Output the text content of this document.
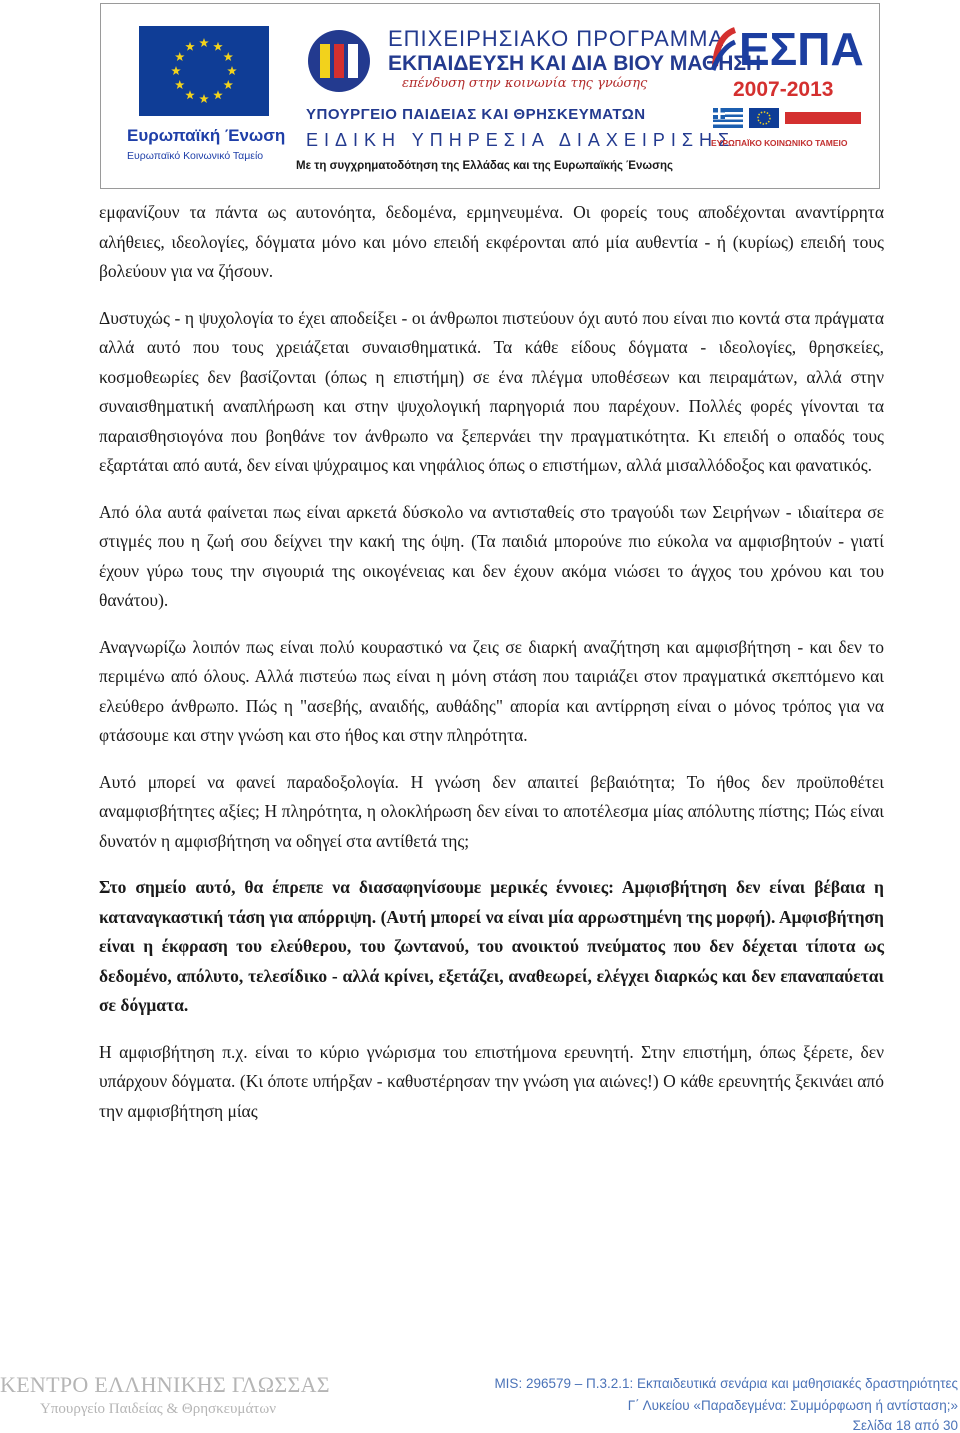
Ευρωπαϊκή Ένωση
Ευρωπαϊκό Κοινωνικό Ταμείο
ΕΠΙΧΕΙΡΗΣΙΑΚΟ ΠΡΟΓΡΑΜΜΑ
ΕΚΠΑΙΔΕΥΣΗ ΚΑΙ ΔΙΑ ΒΙΟΥ ΜΑΘΗΣΗ
επένδυση στην κοινωνία της γνώσης
ΥΠΟΥΡΓΕΙΟ ΠΑΙΔΕΙΑΣ ΚΑΙ ΘΡΗΣΚΕΥΜΑΤΩΝ
ΕΙΔΙΚΗ ΥΠΗΡΕΣΙΑ ΔΙΑΧΕΙΡΙΣΗΣ
Με τη συγχρηματοδότηση της Ελλάδας και της Ευρωπαϊκής Ένωσης
ΕΣΠΑ
2007-2013
ΕΥΡΩΠΑΪΚΟ ΚΟΙΝΩΝΙΚΟ ΤΑΜΕΙΟ

εμφανίζουν τα πάντα ως αυτονόητα, δεδομένα, ερμηνευμένα. Οι φορείς τους αποδέχονται αναντίρρητα αλήθειες, ιδεολογίες, δόγματα μόνο και μόνο επειδή εκφέρονται από μία αυθεντία - ή (κυρίως) επειδή τους βολεύουν για να ζήσουν.

Δυστυχώς - η ψυχολογία το έχει αποδείξει - οι άνθρωποι πιστεύουν όχι αυτό που είναι πιο κοντά στα πράγματα αλλά αυτό που τους χρειάζεται συναισθηματικά. Τα κάθε είδους δόγματα - ιδεολογίες, θρησκείες, κοσμοθεωρίες δεν βασίζονται (όπως η επιστήμη) σε ένα πλέγμα υποθέσεων και πειραμάτων, αλλά στην συναισθηματική αναπλήρωση και στην ψυχολογική παρηγοριά που παρέχουν. Πολλές φορές γίνονται τα παραισθησιογόνα που βοηθάνε τον άνθρωπο να ξεπερνάει την πραγματικότητα. Κι επειδή ο οπαδός τους εξαρτάται από αυτά, δεν είναι ψύχραιμος και νηφάλιος όπως ο επιστήμων, αλλά μισαλλόδοξος και φανατικός.

Από όλα αυτά φαίνεται πως είναι αρκετά δύσκολο να αντισταθείς στο τραγούδι των Σειρήνων - ιδιαίτερα σε στιγμές που η ζωή σου δείχνει την κακή της όψη. (Τα παιδιά μπορούνε πιο εύκολα να αμφισβητούν - γιατί έχουν γύρω τους την σιγουριά της οικογένειας και δεν έχουν ακόμα νιώσει το άγχος του χρόνου και του θανάτου).

Αναγνωρίζω λοιπόν πως είναι πολύ κουραστικό να ζεις σε διαρκή αναζήτηση και αμφισβήτηση - και δεν το περιμένω από όλους. Αλλά πιστεύω πως είναι η μόνη στάση που ταιριάζει στον πραγματικά σκεπτόμενο και ελεύθερο άνθρωπο. Πώς η "ασεβής, αναιδής, αυθάδης" απορία και αντίρρηση είναι ο μόνος τρόπος για να φτάσουμε και στην γνώση και στο ήθος και στην πληρότητα.

Αυτό μπορεί να φανεί παραδοξολογία. Η γνώση δεν απαιτεί βεβαιότητα; Το ήθος δεν προϋποθέτει αναμφισβήτητες αξίες; Η πληρότητα, η ολοκλήρωση δεν είναι το αποτέλεσμα μίας απόλυτης πίστης; Πώς είναι δυνατόν η αμφισβήτηση να οδηγεί στα αντίθετά της;

Στο σημείο αυτό, θα έπρεπε να διασαφηνίσουμε μερικές έννοιες: Αμφισβήτηση δεν είναι βέβαια η καταναγκαστική τάση για απόρριψη. (Αυτή μπορεί να είναι μία αρρωστημένη της μορφή). Αμφισβήτηση είναι η έκφραση του ελεύθερου, του ζωντανού, του ανοικτού πνεύματος που δεν δέχεται τίποτα ως δεδομένο, απόλυτο, τελεσίδικο - αλλά κρίνει, εξετάζει, αναθεωρεί, ελέγχει διαρκώς και δεν επαναπαύεται σε δόγματα.

Η αμφισβήτηση π.χ. είναι το κύριο γνώρισμα του επιστήμονα ερευνητή. Στην επιστήμη, όπως ξέρετε, δεν υπάρχουν δόγματα. (Κι όποτε υπήρξαν - καθυστέρησαν την γνώση για αιώνες!) Ο κάθε ερευνητής ξεκινάει από την αμφισβήτηση μίας

ΚΕΝΤΡΟ ΕΛΛΗΝΙΚΗΣ ΓΛΩΣΣΑΣ
Υπουργείο Παιδείας & Θρησκευμάτων
MIS: 296579 – Π.3.2.1: Εκπαιδευτικά σενάρια και μαθησιακές δραστηριότητες
Γ΄ Λυκείου «Παραδεγμένα: Συμμόρφωση ή αντίσταση;»
Σελίδα 18 από 30
